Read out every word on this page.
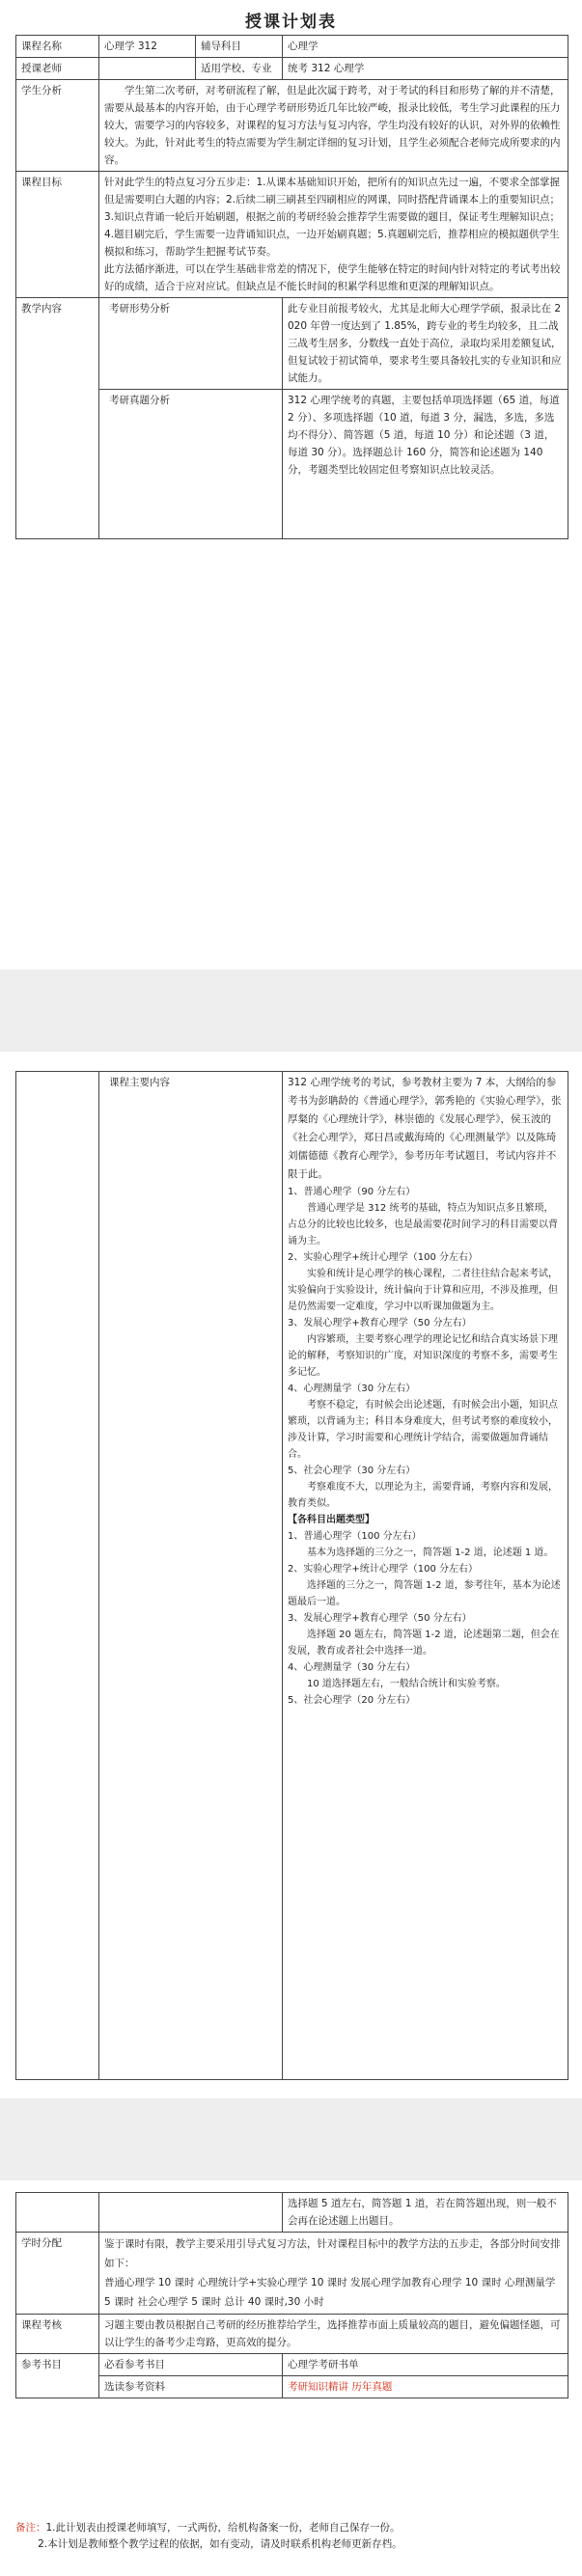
授课计划表
课程名称	心理学 312	辅导科目	心理学
授课老师		适用学校、专业	统考 312 心理学
学生分析	学生第二次考研，对考研流程了解，但是此次属于跨考，对于考试的科目和形势了解的并不清楚，需要从最基本的内容开始，由于心理学考研形势近几年比较严峻，报录比较低，考生学习此课程的压力较大，需要学习的内容较多，对课程的复习方法与复习内容，学生均没有较好的认识，对外界的依赖性较大。为此，针对此考生的特点需要为学生制定详细的复习计划，且学生必须配合老师完成所要求的内容。		

课程目标	针对此学生的特点复习分五步走：1.从课本基础知识开始，把所有的知识点先过一遍，不要求全部掌握但是需要明白大题的内容；2.后续二刷三刷甚至四刷相应的网课，同时搭配背诵课本上的重要知识点；3.知识点背诵一轮后开始刷题，根据之前的考研经验会推荐学生需要做的题目，保证考生理解知识点；4.题目刷完后，学生需要一边背诵知识点，一边开始刷真题；5.真题刷完后，推荐相应的模拟题供学生模拟和练习，帮助学生把握考试节奏。

此方法循序渐进，可以在学生基础非常差的情况下，使学生能够在特定的时间内针对特定的考试考出较好的成绩，适合于应对应试。但缺点是不能长时间的积累学科思维和更深的理解知识点。		

教学内容	考研形势分析		此专业目前报考较火，尤其是北师大心理学学硕，报录比在 2020 年曾一度达到了 1.85%，跨专业的考生均较多，且二战三战考生居多，分数线一直处于高位，录取均采用差额复试，但复试较于初试简单，要求考生要具备较扎实的专业知识和应试能力。

	考研真题分析		312 心理学统考的真题，主要包括单项选择题（65 道，每道 2 分）、多项选择题（10 道，每道 3 分，漏选，多选，多选均不得分）、简答题（5 道，每道 10 分）和论述题（3 道，每道 30 分）。选择题总计 160 分，简答和论述题为 140 分，考题类型比较固定但考察知识点比较灵活。

	课程主要内容	312 心理学统考的考试，参考教材主要为 7 本，大纲给的参考书为彭聃龄的《普通心理学》，郭秀艳的《实验心理学》，张厚粲的《心理统计学》，林崇德的《发展心理学》，侯玉波的《社会心理学》，郑日昌或戴海琦的《心理测量学》以及陈琦 刘儒德德《教育心理学》，参考历年考试题目，考试内容并不限于此。

1、普通心理学（90 分左右）

普通心理学是 312 统考的基础，特点为知识点多且繁琐，占总分的比较也比较多，也是最需要花时间学习的科目需要以背诵为主。

2、实验心理学+统计心理学（100 分左右）

实验和统计是心理学的核心课程，二者往往结合起来考试，实验偏向于实验设计，统计偏向于计算和应用，不涉及推理，但是仍然需要一定难度，学习中以听课加做题为主。

3、发展心理学+教育心理学（50 分左右）

内容繁琐，主要考察心理学的理论记忆和结合真实场景下理论的解释，考察知识的广度，对知识深度的考察不多，需要考生多记忆。

4、心理测量学（30 分左右）

考察不稳定，有时候会出论述题，有时候会出小题，知识点繁琐，以背诵为主；科目本身难度大，但考试考察的难度较小，涉及计算，学习时需要和心理统计学结合，需要做题加背诵结合。

5、社会心理学（30 分左右）

考察难度不大，以理论为主，需要背诵，考察内容和发展，教育类似。

【各科目出题类型】

1、普通心理学（100 分左右）

基本为选择题的三分之一，简答题 1-2 道，论述题 1 道。

2、实验心理学+统计心理学（100 分左右）

选择题的三分之一，简答题 1-2 道，参考往年，基本为论述题最后一道。

3、发展心理学+教育心理学（50 分左右）

选择题 20 题左右，简答题 1-2 道，论述题第二题，但会在发展，教育或者社会中选择一道。

4、心理测量学（30 分左右）

10 道选择题左右，一般结合统计和实验考察。

5、社会心理学（20 分左右）

		选择题 5 道左右，简答题 1 道，若在简答题出现，则一般不会再在论述题上出题目。

学时分配	鉴于课时有限，教学主要采用引导式复习方法，针对课程目标中的教学方法的五步走，各部分时间安排如下：

普通心理学 10 课时 心理统计学+实验心理学 10 课时 发展心理学加教育心理学 10 课时 心理测量学 5 课时 社会心理学 5 课时 总计 40 课时,30 小时	

课程考核	习题主要由教员根据自己考研的经历推荐给学生，选择推荐市面上质量较高的题目，避免偏题怪题，可以让学生的备考少走弯路，更高效的提分。	

参考书目	必看参考书目	心理学考研书单
	选读参考资料	考研知识精讲 历年真题

备注：1.此计划表由授课老师填写，一式两份，给机构备案一份，老师自己保存一份。

2.本计划是教师整个教学过程的依据，如有变动，请及时联系机构老师更新存档。
